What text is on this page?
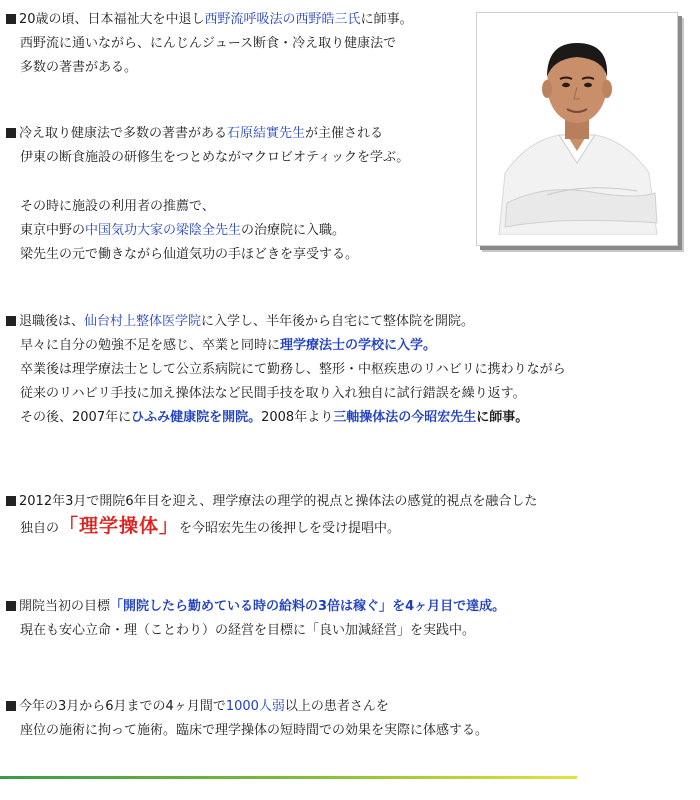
20歳の頃、日本福祉大を中退し西野流呼吸法の西野皓三氏に師事。
西野流に通いながら、にんじんジュース断食・冷え取り健康法で
多数の著書がある。
冷え取り健康法で多数の著書がある石原結實先生が主催される
伊東の断食施設の研修生をつとめながマクロビオティックを学ぶ。
その時に施設の利用者の推薦で、
東京中野の中国気功大家の梁陰全先生の治療院に入職。
梁先生の元で働きながら仙道気功の手ほどきを享受する。
退職後は、仙台村上整体医学院に入学し、半年後から自宅にて整体院を開院。
早々に自分の勉強不足を感じ、卒業と同時に理学療法士の学校に入学。
卒業後は理学療法士として公立系病院にて勤務し、整形・中枢疾患のリハビリに携わりながら
従来のリハビリ手技に加え操体法など民間手技を取り入れ独自に試行錯誤を繰り返す。
その後、2007年にひふみ健康院を開院。2008年より三軸操体法の今昭宏先生に師事。
2012年3月で開院6年目を迎え、理学療法の理学的視点と操体法の感覚的視点を融合した
独自の「理学操体」を今昭宏先生の後押しを受け提唱中。
開院当初の目標「開院したら勤めている時の給料の3倍は稼ぐ」を4ヶ月目で達成。
現在も安心立命・理（ことわり）の経営を目標に「良い加減経営」を実践中。
今年の3月から6月までの4ヶ月間で1000人弱以上の患者さんを
座位の施術に拘って施術。臨床で理学操体の短時間での効果を実際に体感する。
